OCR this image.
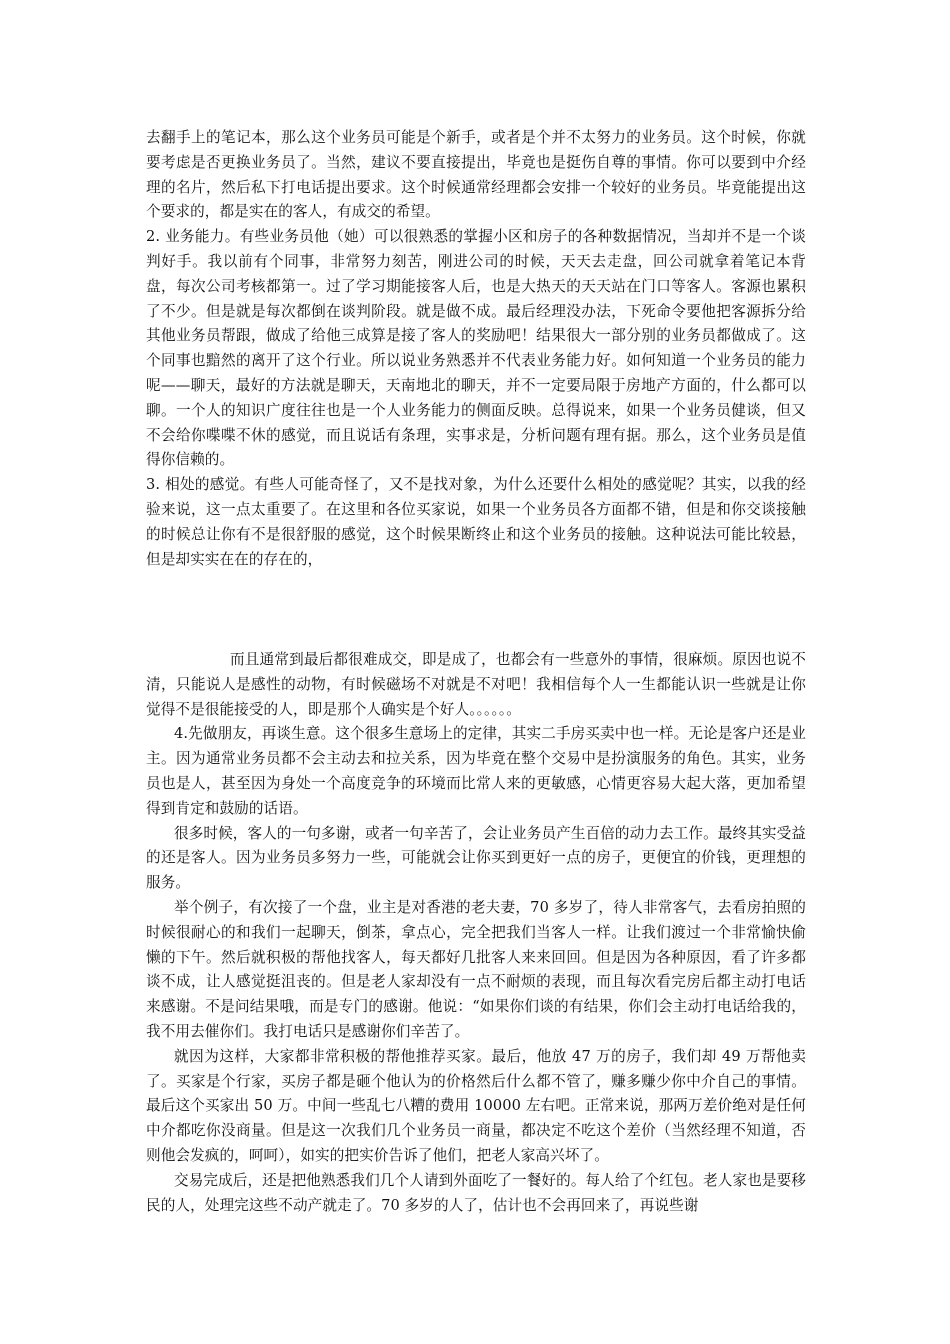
去翻手上的笔记本，那么这个业务员可能是个新手，或者是个并不太努力的业务员。这个时候，你就要考虑是否更换业务员了。当然，建议不要直接提出，毕竟也是挺伤自尊的事情。你可以要到中介经理的名片，然后私下打电话提出要求。这个时候通常经理都会安排一个较好的业务员。毕竟能提出这个要求的，都是实在的客人，有成交的希望。

2. 业务能力。有些业务员他（她）可以很熟悉的掌握小区和房子的各种数据情况，当却并不是一个谈判好手。我以前有个同事，非常努力刻苦，刚进公司的时候，天天去走盘，回公司就拿着笔记本背盘，每次公司考核都第一。过了学习期能接客人后，也是大热天的天天站在门口等客人。客源也累积了不少。但是就是每次都倒在谈判阶段。就是做不成。最后经理没办法，下死命令要他把客源拆分给其他业务员帮跟，做成了给他三成算是接了客人的奖励吧！结果很大一部分别的业务员都做成了。这个同事也黯然的离开了这个行业。所以说业务熟悉并不代表业务能力好。如何知道一个业务员的能力呢——聊天，最好的方法就是聊天，天南地北的聊天，并不一定要局限于房地产方面的，什么都可以聊。一个人的知识广度往往也是一个人业务能力的侧面反映。总得说来，如果一个业务员健谈，但又不会给你喋喋不休的感觉，而且说话有条理，实事求是，分析问题有理有据。那么，这个业务员是值得你信赖的。

3. 相处的感觉。有些人可能奇怪了，又不是找对象，为什么还要什么相处的感觉呢？其实，以我的经验来说，这一点太重要了。在这里和各位买家说，如果一个业务员各方面都不错，但是和你交谈接触的时候总让你有不是很舒服的感觉，这个时候果断终止和这个业务员的接触。这种说法可能比较悬，但是却实实在在的存在的，

而且通常到最后都很难成交，即是成了，也都会有一些意外的事情，很麻烦。原因也说不清，只能说人是感性的动物，有时候磁场不对就是不对吧！我相信每个人一生都能认识一些就是让你觉得不是很能接受的人，即是那个人确实是个好人。。。。。。

4.先做朋友，再谈生意。这个很多生意场上的定律，其实二手房买卖中也一样。无论是客户还是业主。因为通常业务员都不会主动去和拉关系，因为毕竟在整个交易中是扮演服务的角色。其实，业务员也是人，甚至因为身处一个高度竞争的环境而比常人来的更敏感，心情更容易大起大落，更加希望得到肯定和鼓励的话语。

很多时候，客人的一句多谢，或者一句辛苦了，会让业务员产生百倍的动力去工作。最终其实受益的还是客人。因为业务员多努力一些，可能就会让你买到更好一点的房子，更便宜的价钱，更理想的服务。

举个例子，有次接了一个盘，业主是对香港的老夫妻，70 多岁了，待人非常客气，去看房拍照的时候很耐心的和我们一起聊天，倒茶，拿点心，完全把我们当客人一样。让我们渡过一个非常愉快偷懒的下午。然后就积极的帮他找客人，每天都好几批客人来来回回。但是因为各种原因，看了许多都谈不成，让人感觉挺沮丧的。但是老人家却没有一点不耐烦的表现，而且每次看完房后都主动打电话来感谢。不是问结果哦，而是专门的感谢。他说：“如果你们谈的有结果，你们会主动打电话给我的，我不用去催你们。我打电话只是感谢你们辛苦了。

就因为这样，大家都非常积极的帮他推荐买家。最后，他放 47 万的房子，我们却 49 万帮他卖了。买家是个行家，买房子都是砸个他认为的价格然后什么都不管了，赚多赚少你中介自己的事情。最后这个买家出 50 万。中间一些乱七八糟的费用 10000 左右吧。正常来说，那两万差价绝对是任何中介都吃你没商量。但是这一次我们几个业务员一商量，都决定不吃这个差价（当然经理不知道，否则他会发疯的，呵呵），如实的把实价告诉了他们，把老人家高兴坏了。

交易完成后，还是把他熟悉我们几个人请到外面吃了一餐好的。每人给了个红包。老人家也是要移民的人，处理完这些不动产就走了。70 多岁的人了，估计也不会再回来了，再说些谢
